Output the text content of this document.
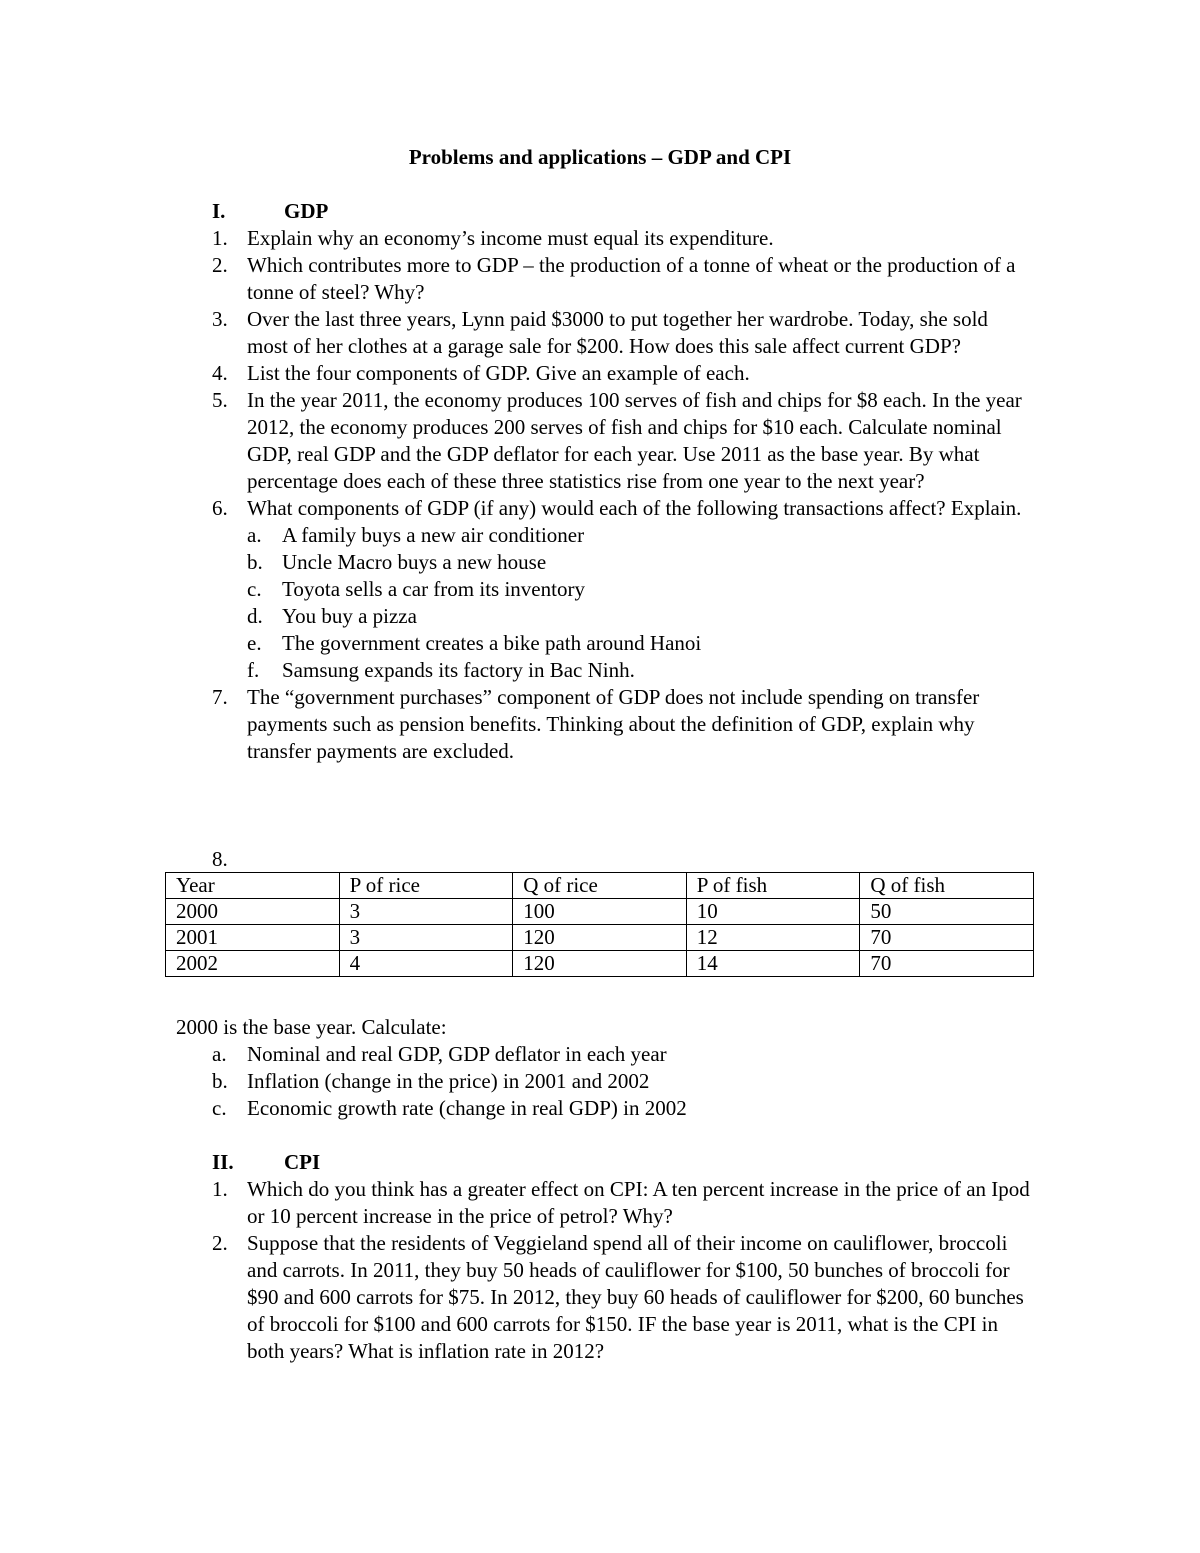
Problems and applications – GDP and CPI
I.	GDP
1. Explain why an economy’s income must equal its expenditure.
2. Which contributes more to GDP – the production of a tonne of wheat or the production of a tonne of steel? Why?
3. Over the last three years, Lynn paid $3000 to put together her wardrobe. Today, she sold most of her clothes at a garage sale for $200. How does this sale affect current GDP?
4. List the four components of GDP. Give an example of each.
5. In the year 2011, the economy produces 100 serves of fish and chips for $8 each. In the year 2012, the economy produces 200 serves of fish and chips for $10 each. Calculate nominal GDP, real GDP and the GDP deflator for each year. Use 2011 as the base year. By what percentage does each of these three statistics rise from one year to the next year?
6. What components of GDP (if any) would each of the following transactions affect? Explain.
a. A family buys a new air conditioner
b. Uncle Macro buys a new house
c. Toyota sells a car from its inventory
d. You buy a pizza
e. The government creates a bike path around Hanoi
f. Samsung expands its factory in Bac Ninh.
7. The “government purchases” component of GDP does not include spending on transfer payments such as pension benefits. Thinking about the definition of GDP, explain why transfer payments are excluded.
8.
Year	P of rice	Q of rice	P of fish	Q of fish
2000	3	100	10	50
2001	3	120	12	70
2002	4	120	14	70
2000 is the base year. Calculate:
a. Nominal and real GDP, GDP deflator in each year
b. Inflation (change in the price) in 2001 and 2002
c. Economic growth rate (change in real GDP) in 2002
II. CPI
1. Which do you think has a greater effect on CPI: A ten percent increase in the price of an Ipod or 10 percent increase in the price of petrol? Why?
2. Suppose that the residents of Veggieland spend all of their income on cauliflower, broccoli and carrots. In 2011, they buy 50 heads of cauliflower for $100, 50 bunches of broccoli for $90 and 600 carrots for $75. In 2012, they buy 60 heads of cauliflower for $200, 60 bunches of broccoli for $100 and 600 carrots for $150. IF the base year is 2011, what is the CPI in both years? What is inflation rate in 2012?
